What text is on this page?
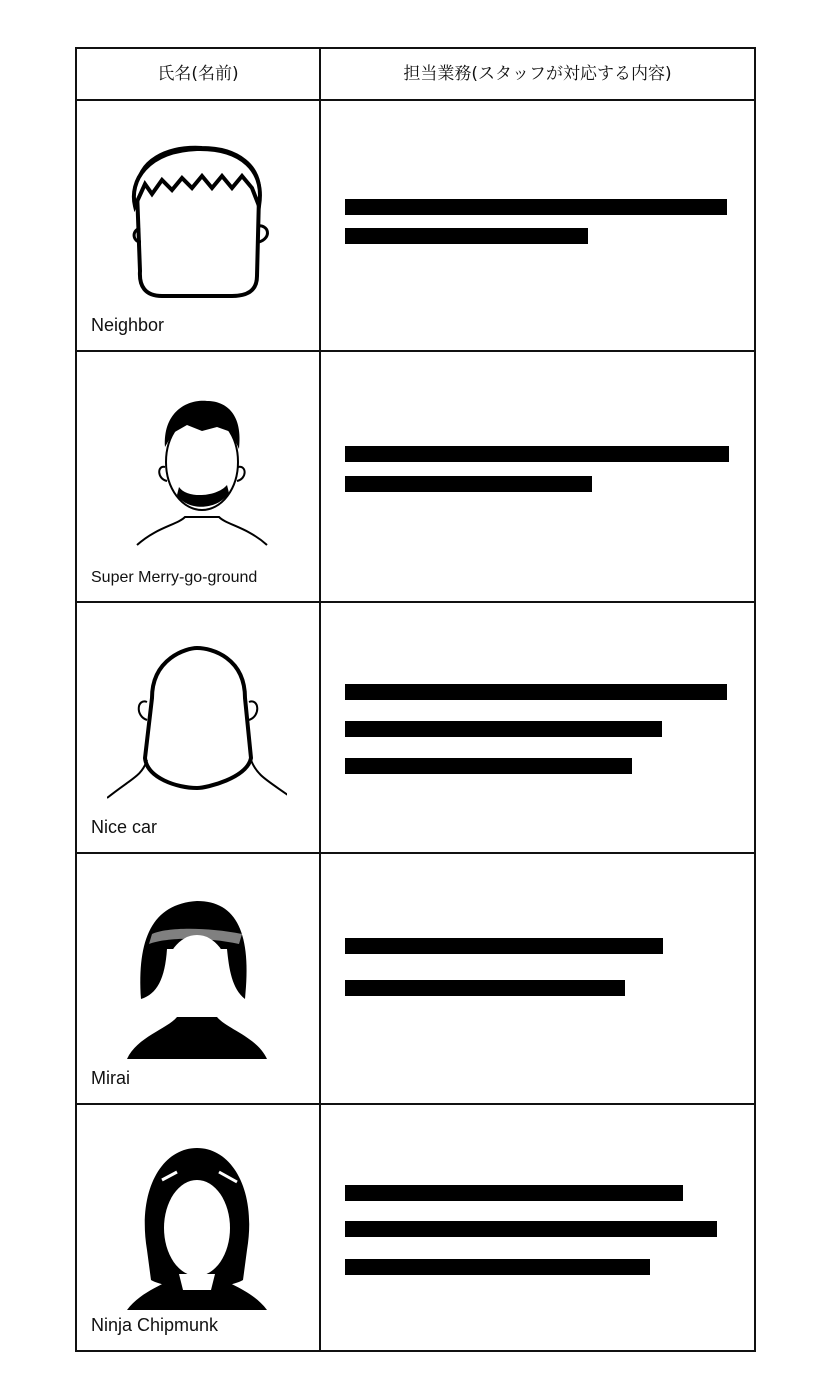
氏名(名前)	担当業務(スタッフが対応する内容)
Neighbor
Super Merry-go-ground
Nice car
Mirai
Ninja Chipmunk
